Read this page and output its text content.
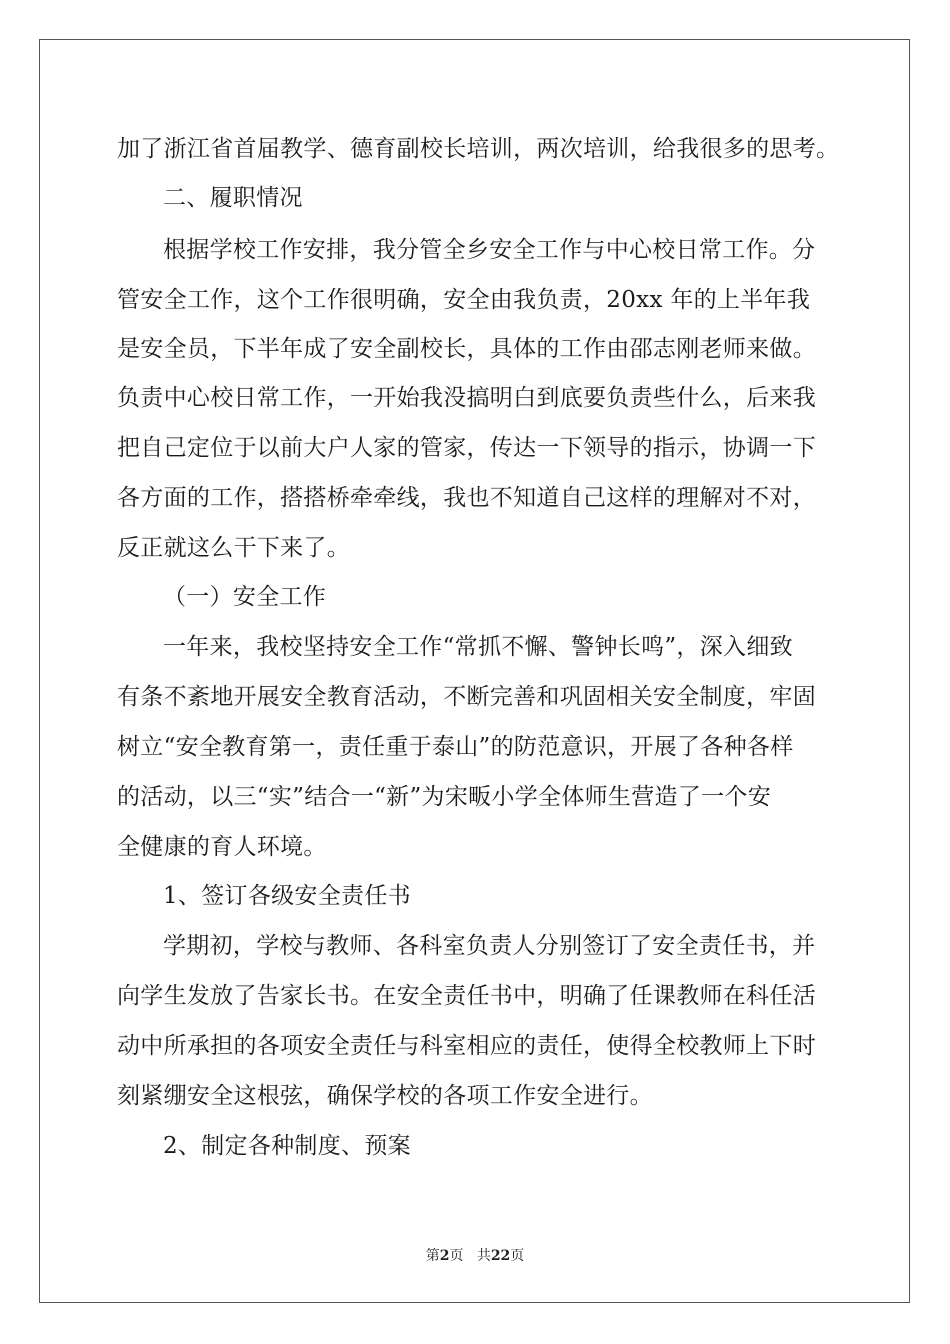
加了浙江省首届教学、德育副校长培训，两次培训，给我很多的思考。
二、履职情况
根据学校工作安排，我分管全乡安全工作与中心校日常工作。分
管安全工作，这个工作很明确，安全由我负责，20xx 年的上半年我
是安全员，下半年成了安全副校长，具体的工作由邵志刚老师来做。
负责中心校日常工作，一开始我没搞明白到底要负责些什么，后来我
把自己定位于以前大户人家的管家，传达一下领导的指示，协调一下
各方面的工作，搭搭桥牵牵线，我也不知道自己这样的理解对不对，
反正就这么干下来了。
（一）安全工作
一年来，我校坚持安全工作“常抓不懈、警钟长鸣”，深入细致
有条不紊地开展安全教育活动，不断完善和巩固相关安全制度，牢固
树立“安全教育第一，责任重于泰山”的防范意识，开展了各种各样
的活动，以三“实”结合一“新”为宋畈小学全体师生营造了一个安
全健康的育人环境。
1、签订各级安全责任书
学期初，学校与教师、各科室负责人分别签订了安全责任书，并
向学生发放了告家长书。在安全责任书中，明确了任课教师在科任活
动中所承担的各项安全责任与科室相应的责任，使得全校教师上下时
刻紧绷安全这根弦，确保学校的各项工作安全进行。
2、制定各种制度、预案
第2页 共22页
